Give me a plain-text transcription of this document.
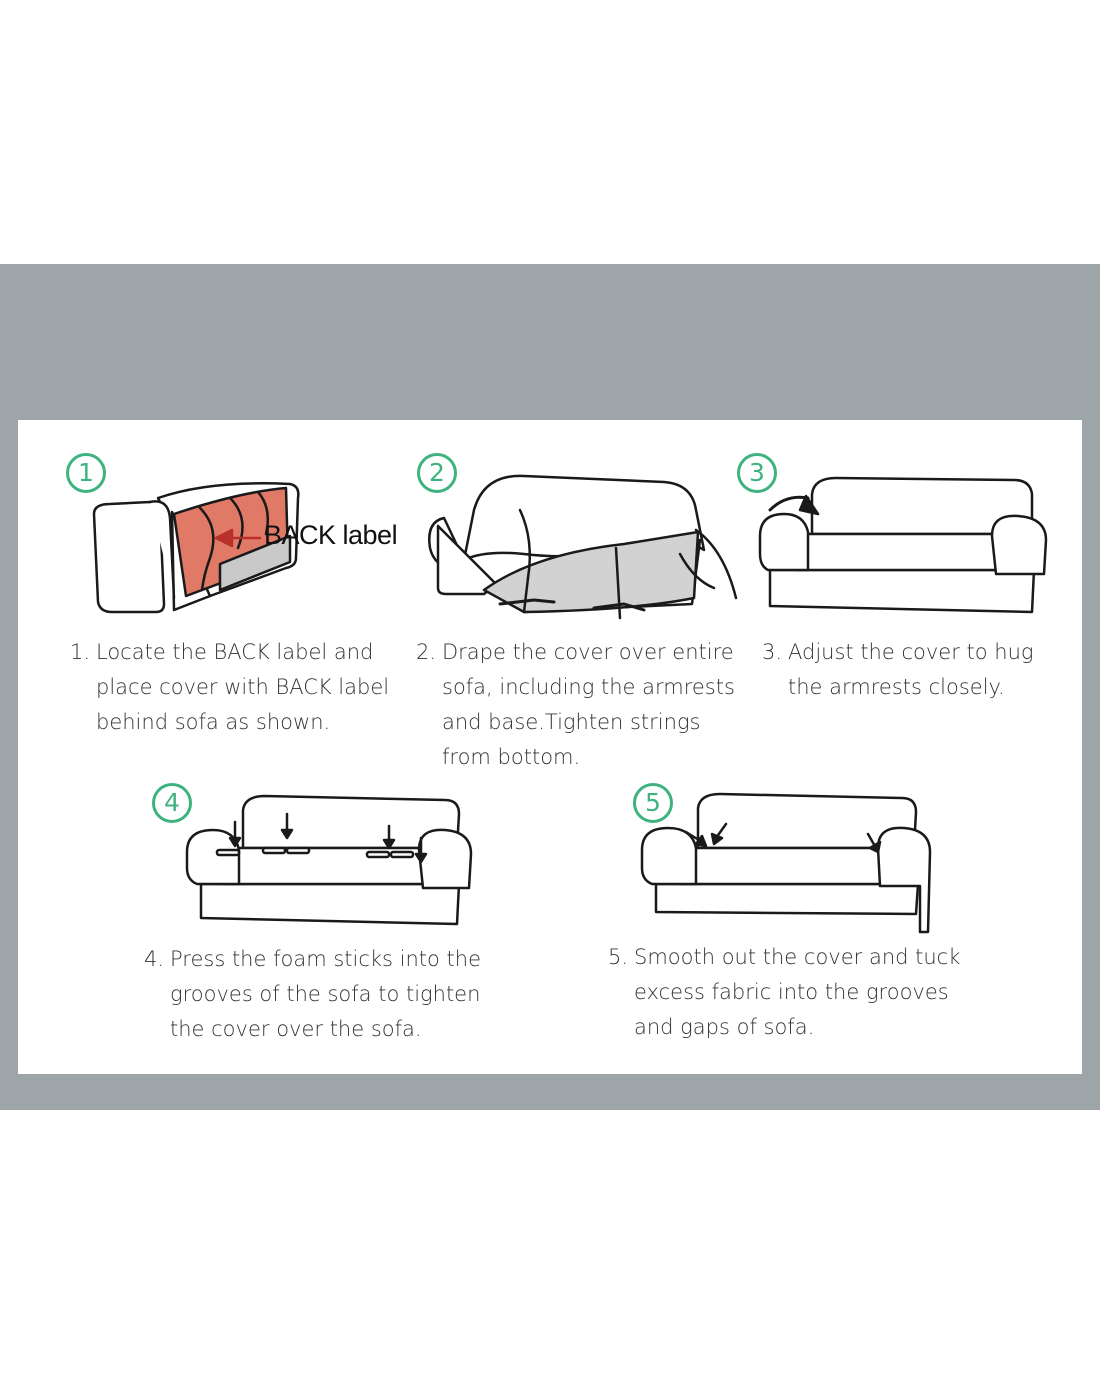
1	2	3
4	5
BACK label
1. Locate the BACK label and
place cover with BACK label
behind sofa as shown.
2. Drape the cover over entire
sofa, including the armrests
and base.Tighten strings
from bottom.
3. Adjust the cover to hug
the armrests closely.
4. Press the foam sticks into the
grooves of the sofa to tighten
the cover over the sofa.
5. Smooth out the cover and tuck
excess fabric into the grooves
and gaps of sofa.
